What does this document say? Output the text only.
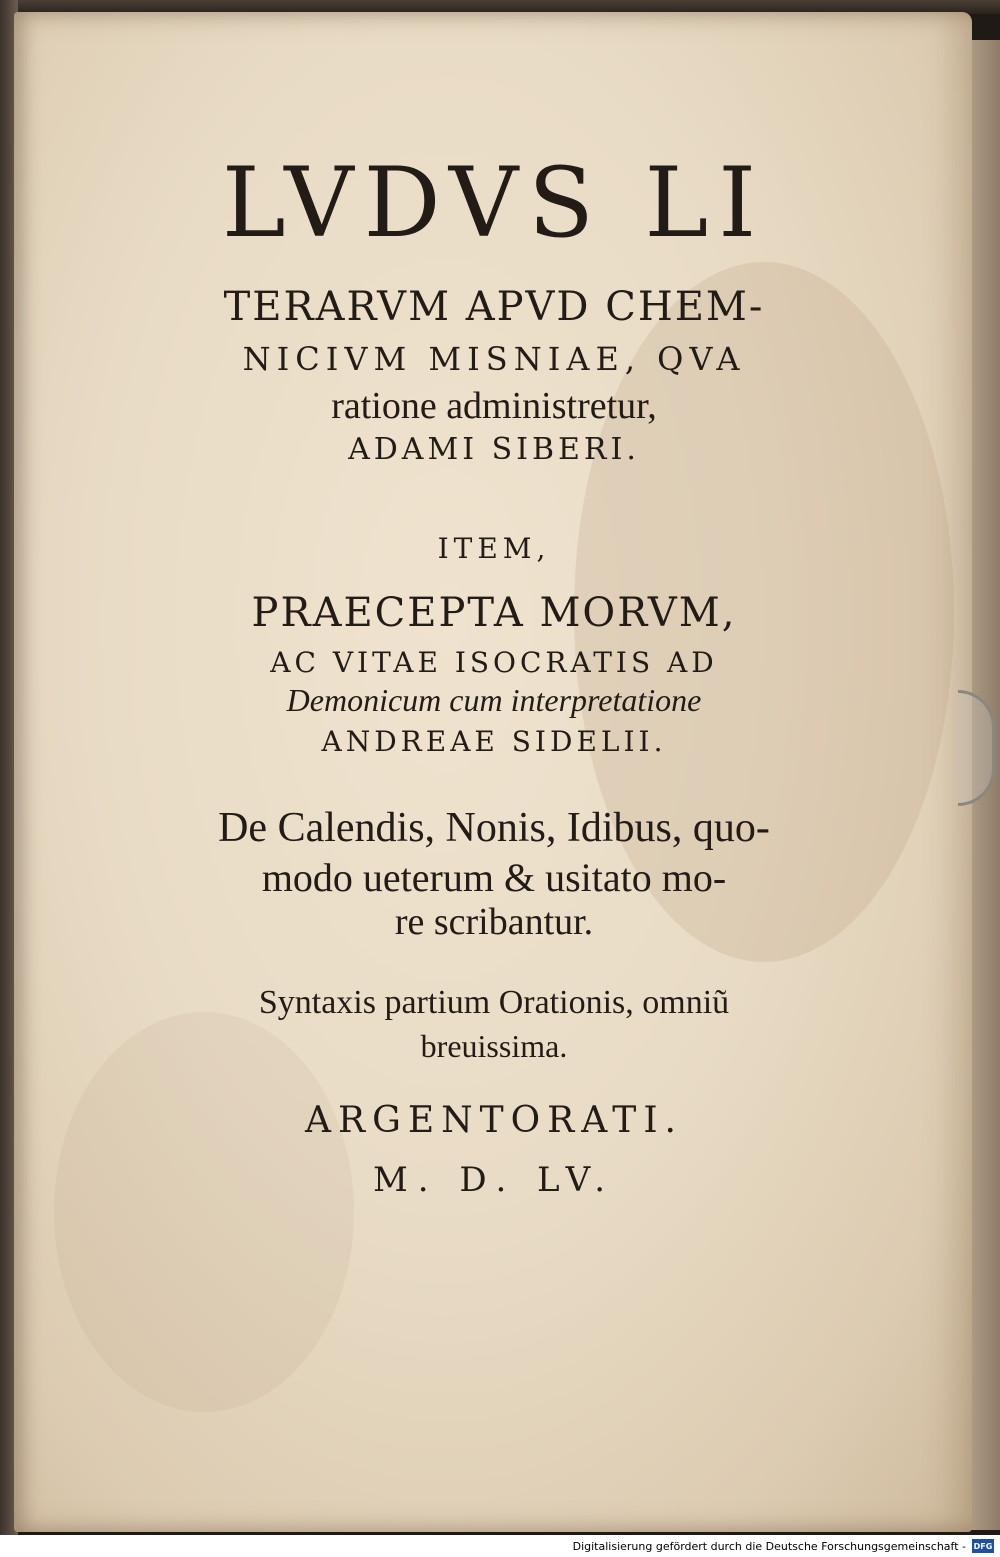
LVDVS LI
TERARVM APVD CHEM-
NICIVM MISNIAE, QVA
ratione administretur,
ADAMI SIBERI.
ITEM,
PRAECEPTA MORVM,
AC VITAE ISOCRATIS AD
Demonicum cum interpretatione
ANDREAE SIDELII.
De Calendis, Nonis, Idibus, quo-
modo ueterum & usitato mo-
re scribantur.
Syntaxis partium Orationis, omniũ
breuissima.
ARGENTORATI.
M. D. LV.
Digitalisierung gefördert durch die Deutsche Forschungsgemeinschaft - DFG
